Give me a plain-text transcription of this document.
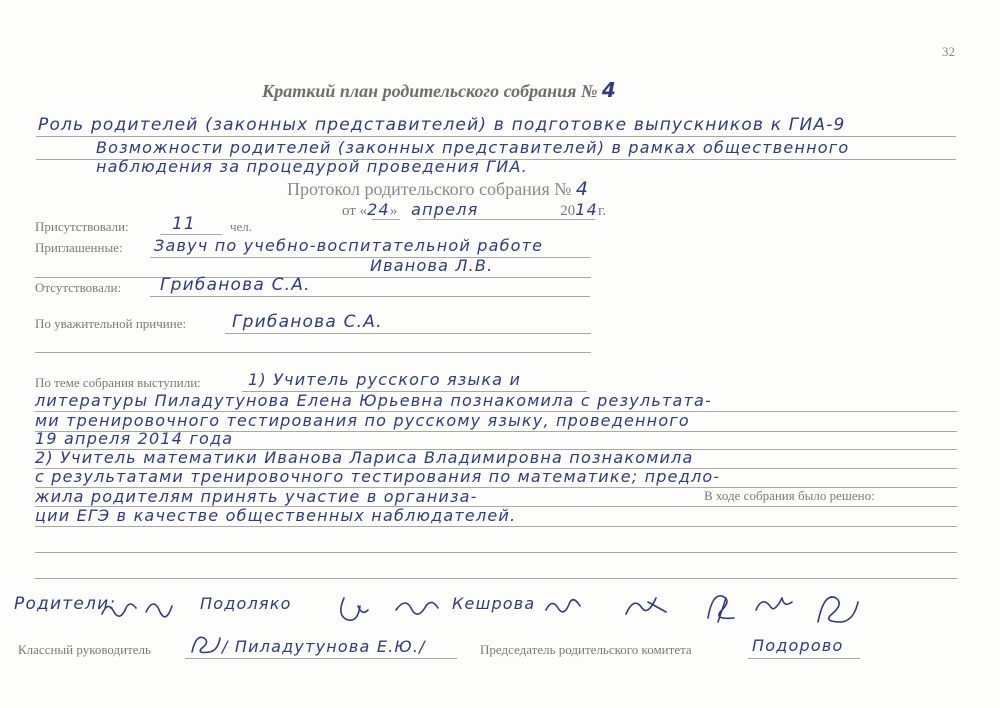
32
Краткий план родительского собрания № 4
Роль родителей (законных представителей) в подготовке выпускников к ГИА-9
Возможности родителей (законных представителей) в рамках общественного
наблюдения за процедурой проведения ГИА.
Протокол родительского собрания № 4
от «24» апреля	2014г.
Присутствовали:	11	чел.
Приглашенные: Завуч по учебно-воспитательной работе
Иванова Л.В.
Отсутствовали: Грибанова С.А.
По уважительной причине:	Грибанова С.А.
По теме собрания выступили:	1) Учитель русского языка и
литературы Пиладутунова Елена Юрьевна познакомила с результата-
ми тренировочного тестирования по русскому языку, проведенного
19 апреля 2014 года
2) Учитель математики Иванова Лариса Владимировна познакомила
с результатами тренировочного тестирования по математике; предло-
жила родителям принять участие в организа-	В ходе собрания было решено:
ции ЕГЭ в качестве общественных наблюдателей.
Родители:	Подоляко	Кешрова
Классный руководитель	/ Пиладутунова Е.Ю./	Председатель родительского комитета	Подорово
